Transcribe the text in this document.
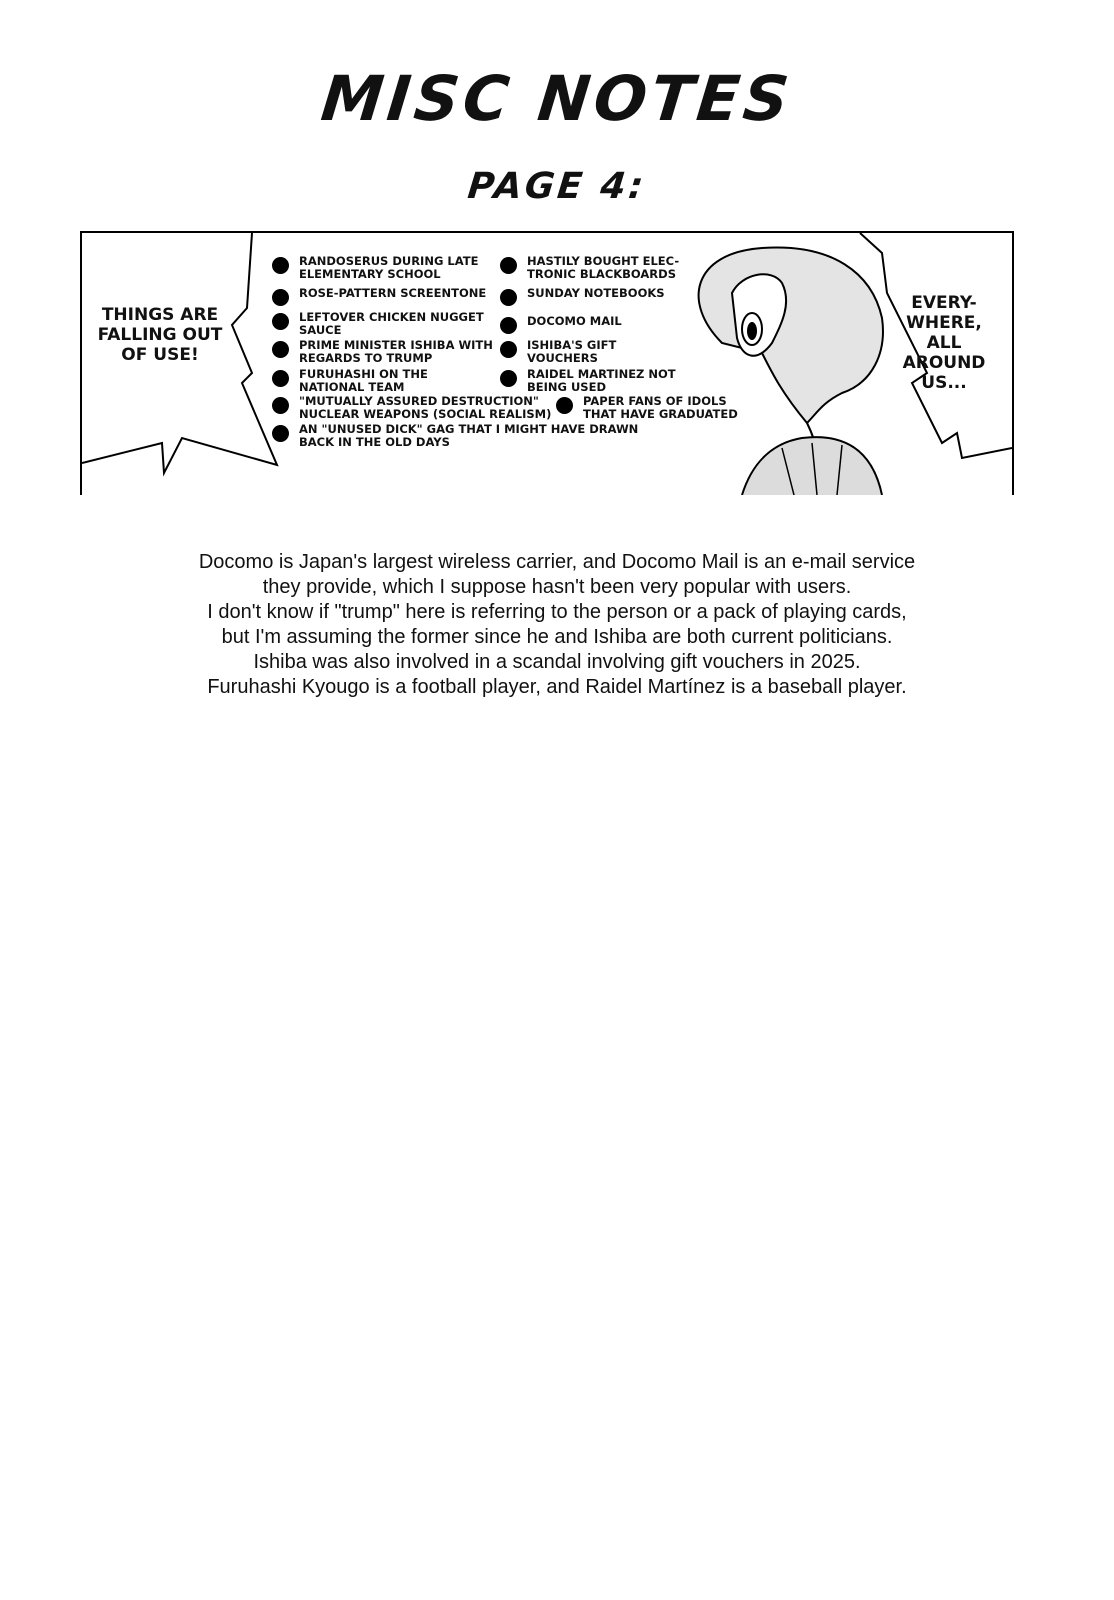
MISC NOTES
PAGE 4:
THINGS ARE FALLING OUT OF USE!
EVERY-WHERE, ALL AROUND US...
RANDOSERUS DURING LATE ELEMENTARY SCHOOL
ROSE-PATTERN SCREENTONE
LEFTOVER CHICKEN NUGGET SAUCE
PRIME MINISTER ISHIBA WITH REGARDS TO TRUMP
FURUHASHI ON THE NATIONAL TEAM
"MUTUALLY ASSURED DESTRUCTION" NUCLEAR WEAPONS (SOCIAL REALISM)
AN "UNUSED DICK" GAG THAT I MIGHT HAVE DRAWN BACK IN THE OLD DAYS
HASTILY BOUGHT ELEC-TRONIC BLACKBOARDS
SUNDAY NOTEBOOKS
DOCOMO MAIL
ISHIBA'S GIFT VOUCHERS
RAIDEL MARTINEZ NOT BEING USED
PAPER FANS OF IDOLS THAT HAVE GRADUATED
Docomo is Japan's largest wireless carrier, and Docomo Mail is an e-mail service
they provide, which I suppose hasn't been very popular with users.
I don't know if "trump" here is referring to the person or a pack of playing cards,
but I'm assuming the former since he and Ishiba are both current politicians.
Ishiba was also involved in a scandal involving gift vouchers in 2025.
Furuhashi Kyougo is a football player, and Raidel Martínez is a baseball player.
